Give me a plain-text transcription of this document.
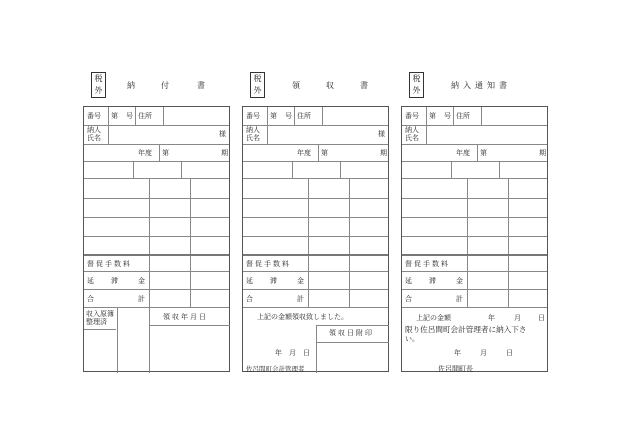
税
外
納	付	書
番号 第 号 住所
納人
氏名	様
年度 第	期
督促手数料
延 滞	金
合	計
収入原簿
整理済
領収年月日
税
外
領	収	書
番号 第 号 住所
納人
氏名	様
年度 第	期
督促手数料
延 滞	金
合	計
上記の金額領収致しました。
領収日附印
年 月 日
佐呂間町会計管理者
税
外
納 入 通 知 書
番号 第 号 住所
納人
氏名
年度 第	期
督促手数料
延 滞	金
合	計
上記の金額	年	月 日
限り佐呂間町会計管理者に納入下さ
い。
年	月	日
佐呂間町長
